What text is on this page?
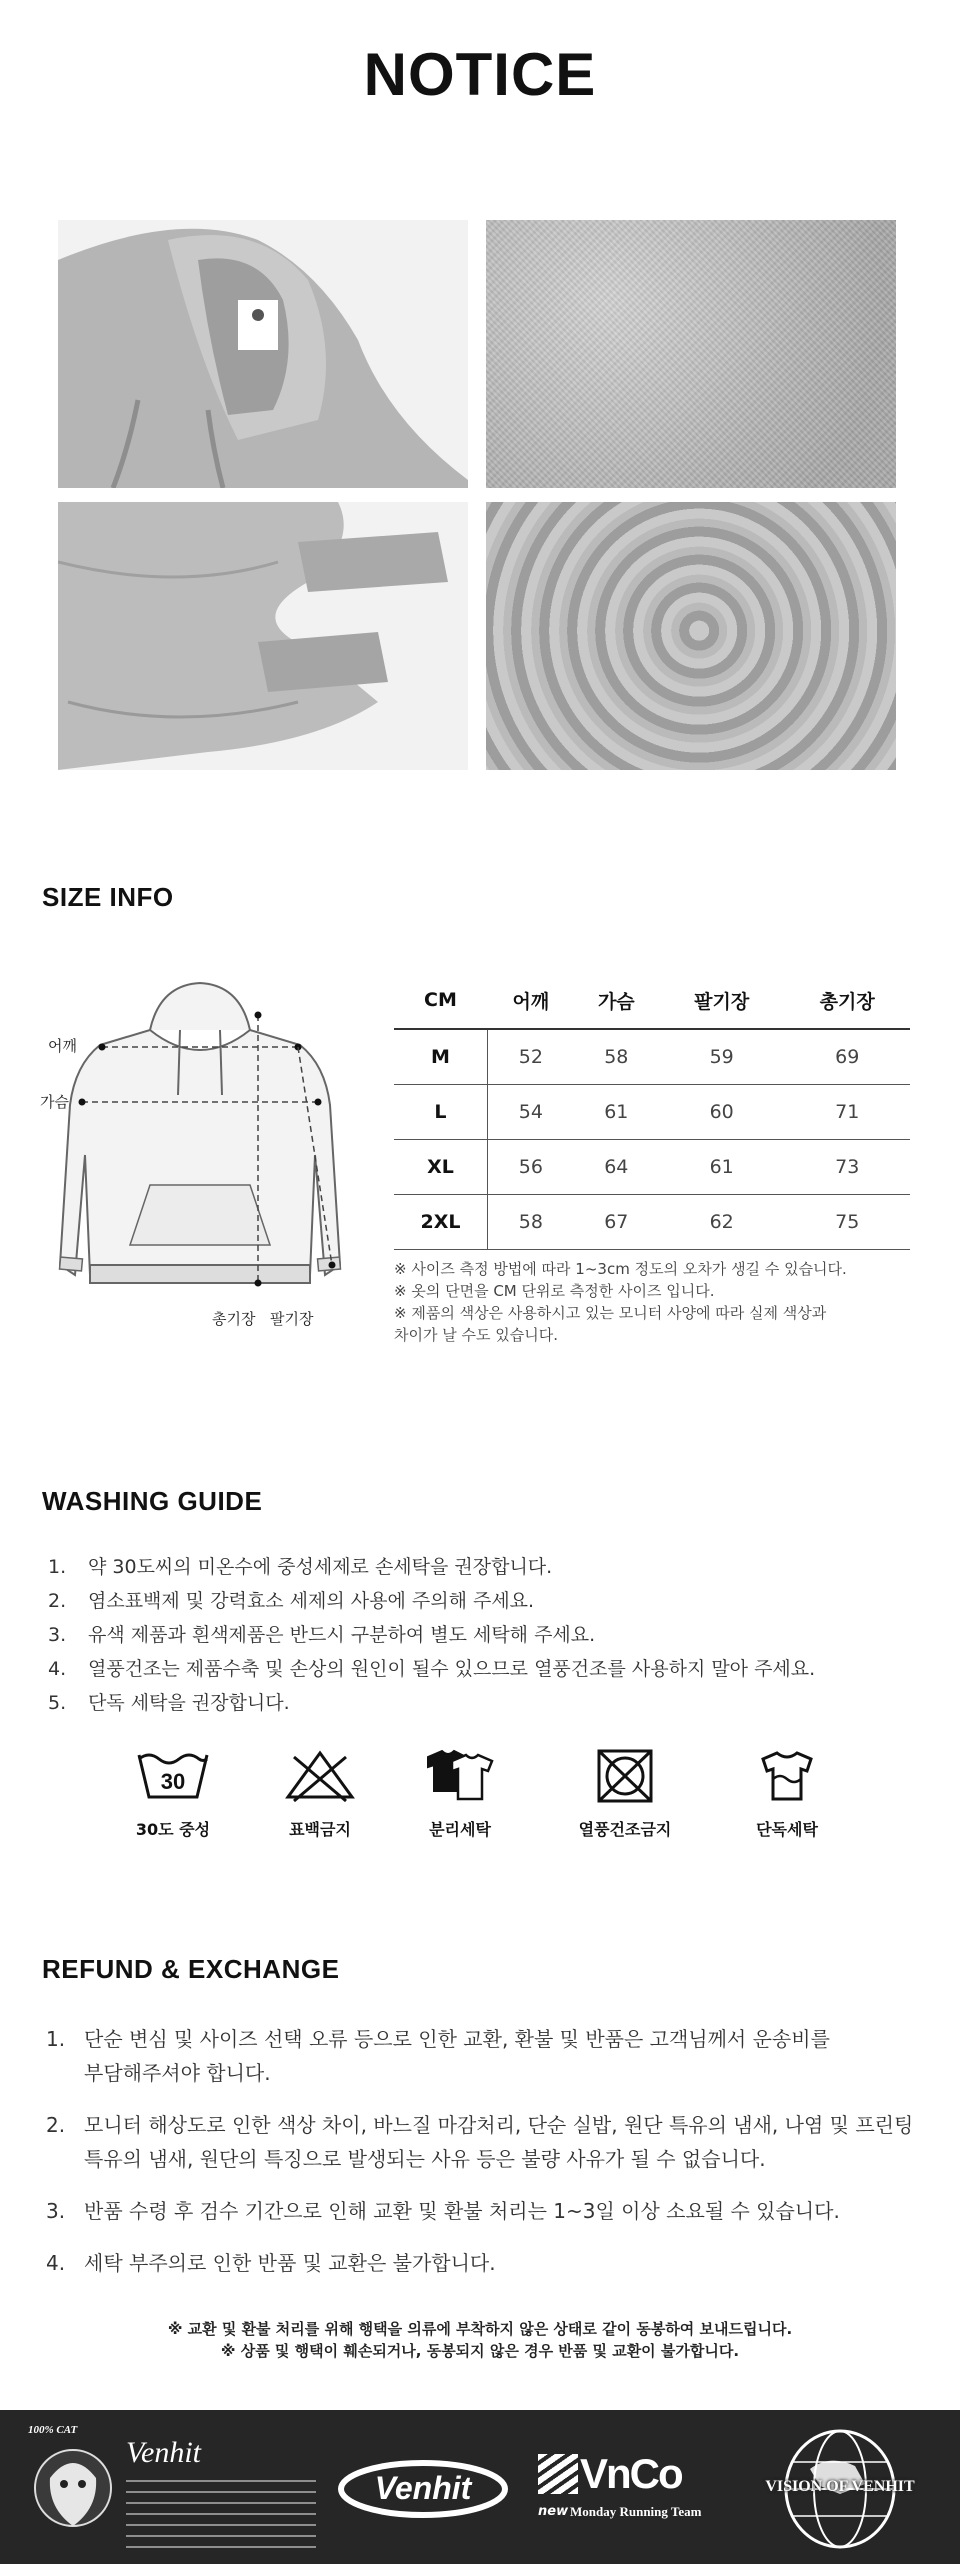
NOTICE
SIZE INFO
어깨
가슴
총기장 팔기장
CM	어깨	가슴	팔기장	총기장
M	52	58	59	69
L	54	61	60	71
XL	56	64	61	73
2XL	58	67	62	75
※ 사이즈 측정 방법에 따라 1~3cm 정도의 오차가 생길 수 있습니다.
※ 옷의 단면을 CM 단위로 측정한 사이즈 입니다.
※ 제품의 색상은 사용하시고 있는 모니터 사양에 따라 실제 색상과
차이가 날 수도 있습니다.
WASHING GUIDE
1. 약 30도씨의 미온수에 중성세제로 손세탁을 권장합니다.
2. 염소표백제 및 강력효소 세제의 사용에 주의해 주세요.
3. 유색 제품과 흰색제품은 반드시 구분하여 별도 세탁해 주세요.
4. 열풍건조는 제품수축 및 손상의 원인이 될수 있으므로 열풍건조를 사용하지 말아 주세요.
5. 단독 세탁을 권장합니다.
30
30도 중성	표백금지	분리세탁	열풍건조금지	단독세탁
REFUND & EXCHANGE
1. 단순 변심 및 사이즈 선택 오류 등으로 인한 교환, 환불 및 반품은 고객님께서 운송비를
부담해주셔야 합니다.
2. 모니터 해상도로 인한 색상 차이, 바느질 마감처리, 단순 실밥, 원단 특유의 냄새, 나염 및 프린팅
특유의 냄새, 원단의 특징으로 발생되는 사유 등은 불량 사유가 될 수 없습니다.
3. 반품 수령 후 검수 기간으로 인해 교환 및 환불 처리는 1~3일 이상 소요될 수 있습니다.
4. 세탁 부주의로 인한 반품 및 교환은 불가합니다.
※ 교환 및 환불 처리를 위해 행택을 의류에 부착하지 않은 상태로 같이 동봉하여 보내드립니다.
※ 상품 및 행택이 훼손되거나, 동봉되지 않은 경우 반품 및 교환이 불가합니다.
100% CAT
Venhit
Venhit	VnCo
new Monday Running Team
VISION OF VENHIT
